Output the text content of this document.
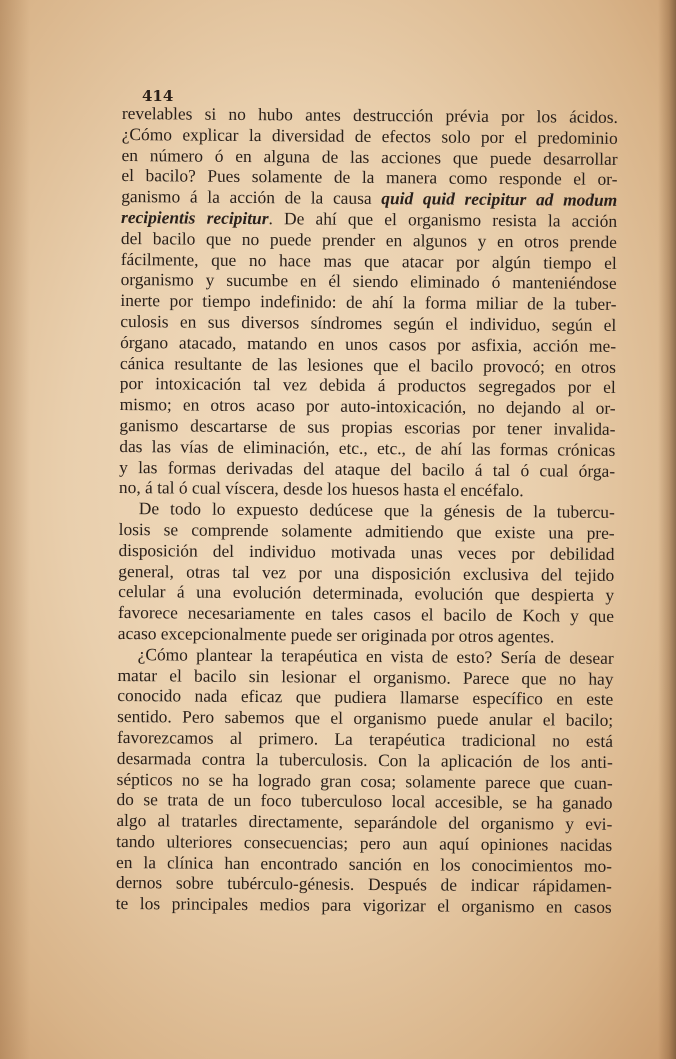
414

revelables si no hubo antes destrucción prévia por los ácidos.
¿Cómo explicar la diversidad de efectos solo por el predominio
en número ó en alguna de las acciones que puede desarrollar
el bacilo? Pues solamente de la manera como responde el or-
ganismo á la acción de la causa quid quid recipitur ad modum
recipientis recipitur. De ahí que el organismo resista la acción
del bacilo que no puede prender en algunos y en otros prende
fácilmente, que no hace mas que atacar por algún tiempo el
organismo y sucumbe en él siendo eliminado ó manteniéndose
inerte por tiempo indefinido: de ahí la forma miliar de la tuber-
culosis en sus diversos síndromes según el individuo, según el
órgano atacado, matando en unos casos por asfixia, acción me-
cánica resultante de las lesiones que el bacilo provocó; en otros
por intoxicación tal vez debida á productos segregados por el
mismo; en otros acaso por auto-intoxicación, no dejando al or-
ganismo descartarse de sus propias escorias por tener invalida-
das las vías de eliminación, etc., etc., de ahí las formas crónicas
y las formas derivadas del ataque del bacilo á tal ó cual órga-
no, á tal ó cual víscera, desde los huesos hasta el encéfalo.
De todo lo expuesto dedúcese que la génesis de la tubercu-
losis se comprende solamente admitiendo que existe una pre-
disposición del individuo motivada unas veces por debilidad
general, otras tal vez por una disposición exclusiva del tejido
celular á una evolución determinada, evolución que despierta y
favorece necesariamente en tales casos el bacilo de Koch y que
acaso excepcionalmente puede ser originada por otros agentes.
¿Cómo plantear la terapéutica en vista de esto? Sería de desear
matar el bacilo sin lesionar el organismo. Parece que no hay
conocido nada eficaz que pudiera llamarse específico en este
sentido. Pero sabemos que el organismo puede anular el bacilo;
favorezcamos al primero. La terapéutica tradicional no está
desarmada contra la tuberculosis. Con la aplicación de los anti-
sépticos no se ha logrado gran cosa; solamente parece que cuan-
do se trata de un foco tuberculoso local accesible, se ha ganado
algo al tratarles directamente, separándole del organismo y evi-
tando ulteriores consecuencias; pero aun aquí opiniones nacidas
en la clínica han encontrado sanción en los conocimientos mo-
dernos sobre tubérculo-génesis. Después de indicar rápidamen-
te los principales medios para vigorizar el organismo en casos
